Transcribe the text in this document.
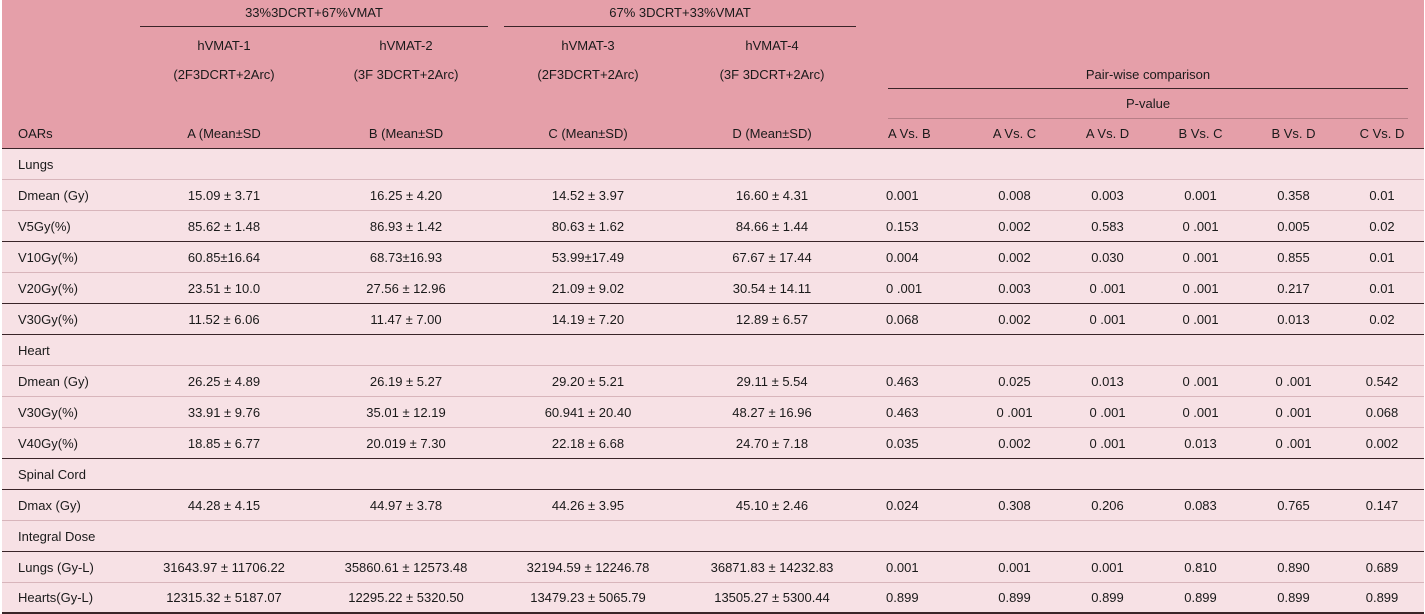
	33%3DCRT+67%VMAT		67% 3DCRT+33%VMAT							

	hVMAT-1	hVMAT-2	hVMAT-3	hVMAT-4	Pair-wise comparison					

	(2F3DCRT+2Arc)	(3F 3DCRT+2Arc)	(2F3DCRT+2Arc)	(3F 3DCRT+2Arc)						
OARs	A (Mean±SD	B (Mean±SD	C (Mean±SD)	D (Mean±SD)	P-value					

					A Vs. B	A Vs. C	A Vs. D	B Vs. C	B Vs. D	C Vs. D
Lungs										
Dmean (Gy)	15.09 ± 3.71	16.25 ± 4.20	14.52 ± 3.97	16.60 ± 4.31	0.001	0.008	0.003	0.001	0.358	0.01
V5Gy(%)	85.62 ± 1.48	86.93 ± 1.42	80.63 ± 1.62	84.66 ± 1.44	0.153	0.002	0.583	0 .001	0.005	0.02
V10Gy(%)	60.85±16.64	68.73±16.93	53.99±17.49	67.67 ± 17.44	0.004	0.002	0.030	0 .001	0.855	0.01
V20Gy(%)	23.51 ± 10.0	27.56 ± 12.96	21.09 ± 9.02	30.54 ± 14.11	0 .001	0.003	0 .001	0 .001	0.217	0.01
V30Gy(%)	11.52 ± 6.06	11.47 ± 7.00	14.19 ± 7.20	12.89 ± 6.57	0.068	0.002	0 .001	0 .001	0.013	0.02
Heart										
Dmean (Gy)	26.25 ± 4.89	26.19 ± 5.27	29.20 ± 5.21	29.11 ± 5.54	0.463	0.025	0.013	0 .001	0 .001	0.542
V30Gy(%)	33.91 ± 9.76	35.01 ± 12.19	60.941 ± 20.40	48.27 ± 16.96	0.463	0 .001	0 .001	0 .001	0 .001	0.068
V40Gy(%)	18.85 ± 6.77	20.019 ± 7.30	22.18 ± 6.68	24.70 ± 7.18	0.035	0.002	0 .001	0.013	0 .001	0.002
Spinal Cord										
Dmax (Gy)	44.28 ± 4.15	44.97 ± 3.78	44.26 ± 3.95	45.10 ± 2.46	0.024	0.308	0.206	0.083	0.765	0.147
Integral Dose										
Lungs (Gy-L)	31643.97 ± 11706.22	35860.61 ± 12573.48	32194.59 ± 12246.78	36871.83 ± 14232.83	0.001	0.001	0.001	0.810	0.890	0.689
Hearts(Gy-L)	12315.32 ± 5187.07	12295.22 ± 5320.50	13479.23 ± 5065.79	13505.27 ± 5300.44	0.899	0.899	0.899	0.899	0.899	0.899
